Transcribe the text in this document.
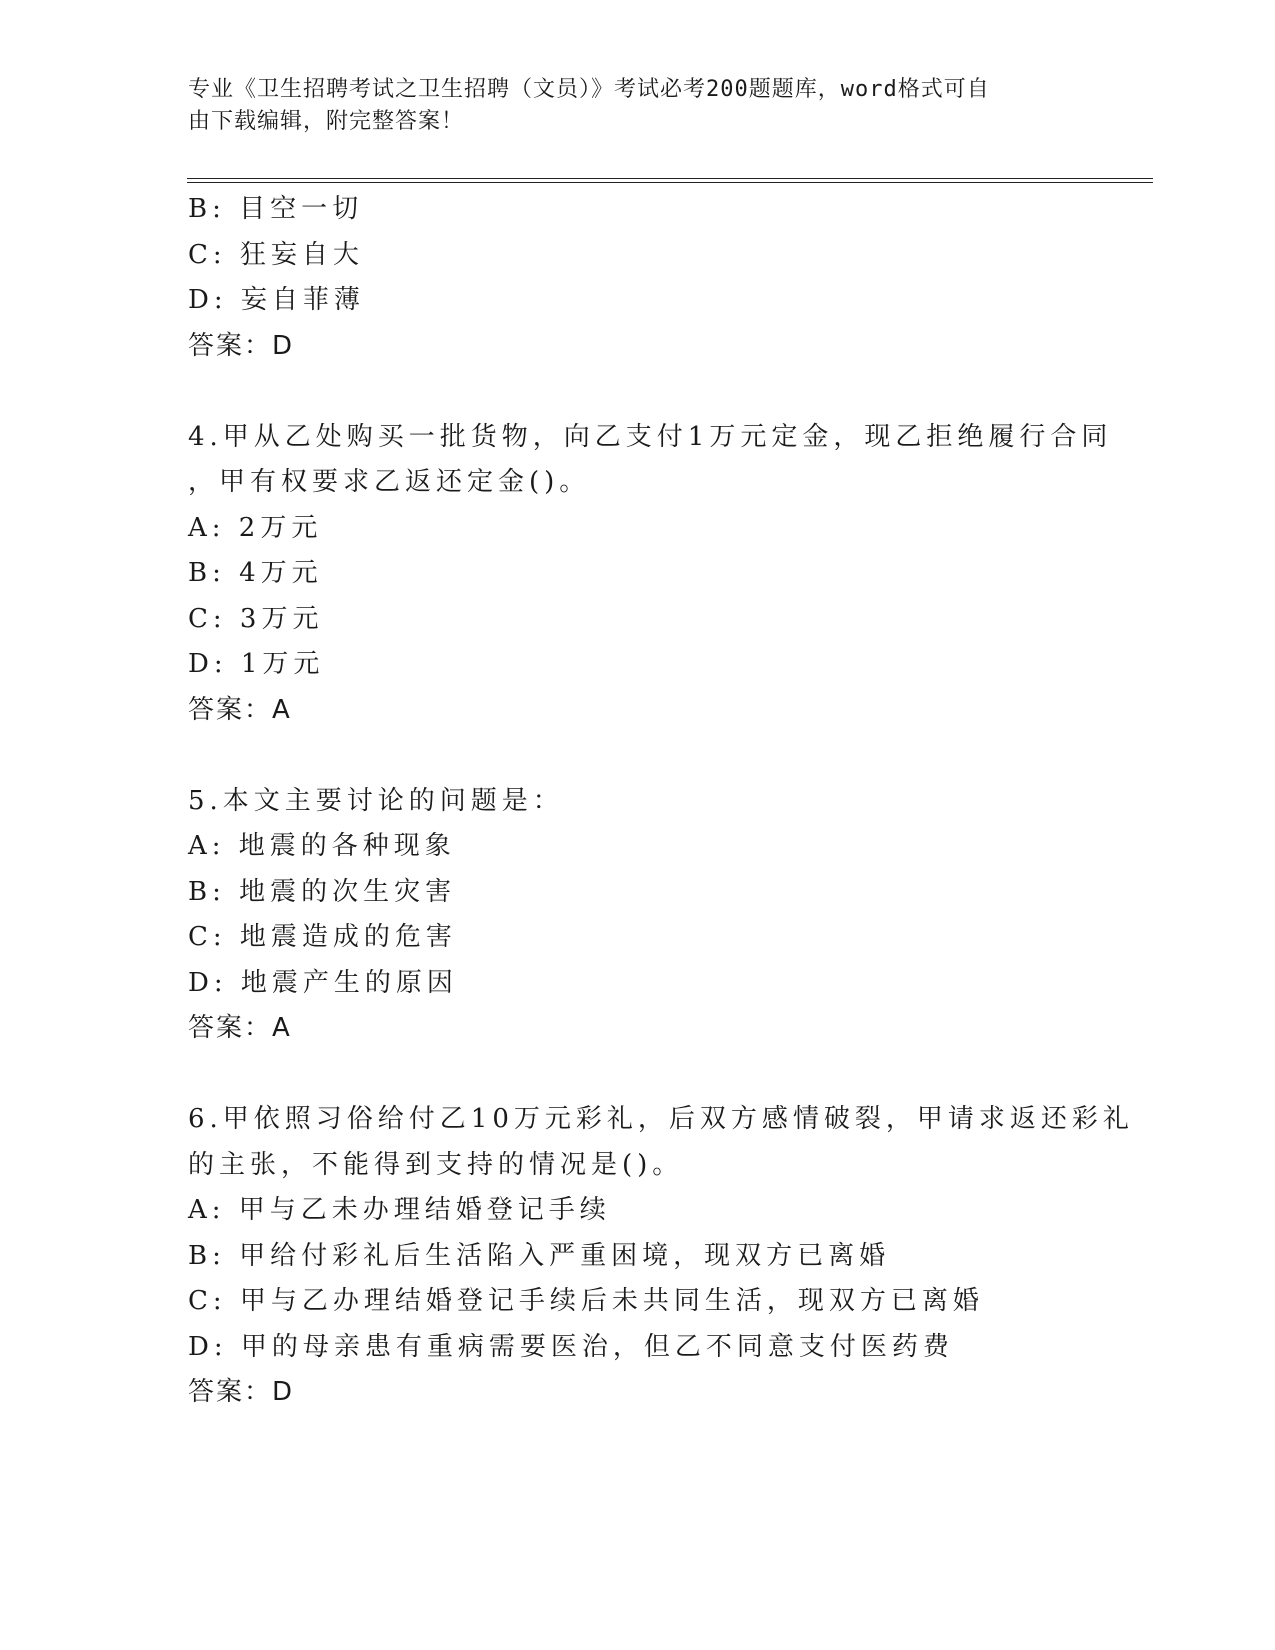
专业《卫生招聘考试之卫生招聘（文员）》考试必考200题题库，word格式可自
由下载编辑，附完整答案！
B: 目空一切
C: 狂妄自大
D: 妄自菲薄
答案：D
4.甲从乙处购买一批货物，向乙支付1万元定金，现乙拒绝履行合同
，甲有权要求乙返还定金()。
A: 2万元
B: 4万元
C: 3万元
D: 1万元
答案：A
5.本文主要讨论的问题是：
A: 地震的各种现象
B: 地震的次生灾害
C: 地震造成的危害
D: 地震产生的原因
答案：A
6.甲依照习俗给付乙10万元彩礼，后双方感情破裂，甲请求返还彩礼
的主张，不能得到支持的情况是()。
A: 甲与乙未办理结婚登记手续
B: 甲给付彩礼后生活陷入严重困境，现双方已离婚
C: 甲与乙办理结婚登记手续后未共同生活，现双方已离婚
D: 甲的母亲患有重病需要医治，但乙不同意支付医药费
答案：D
